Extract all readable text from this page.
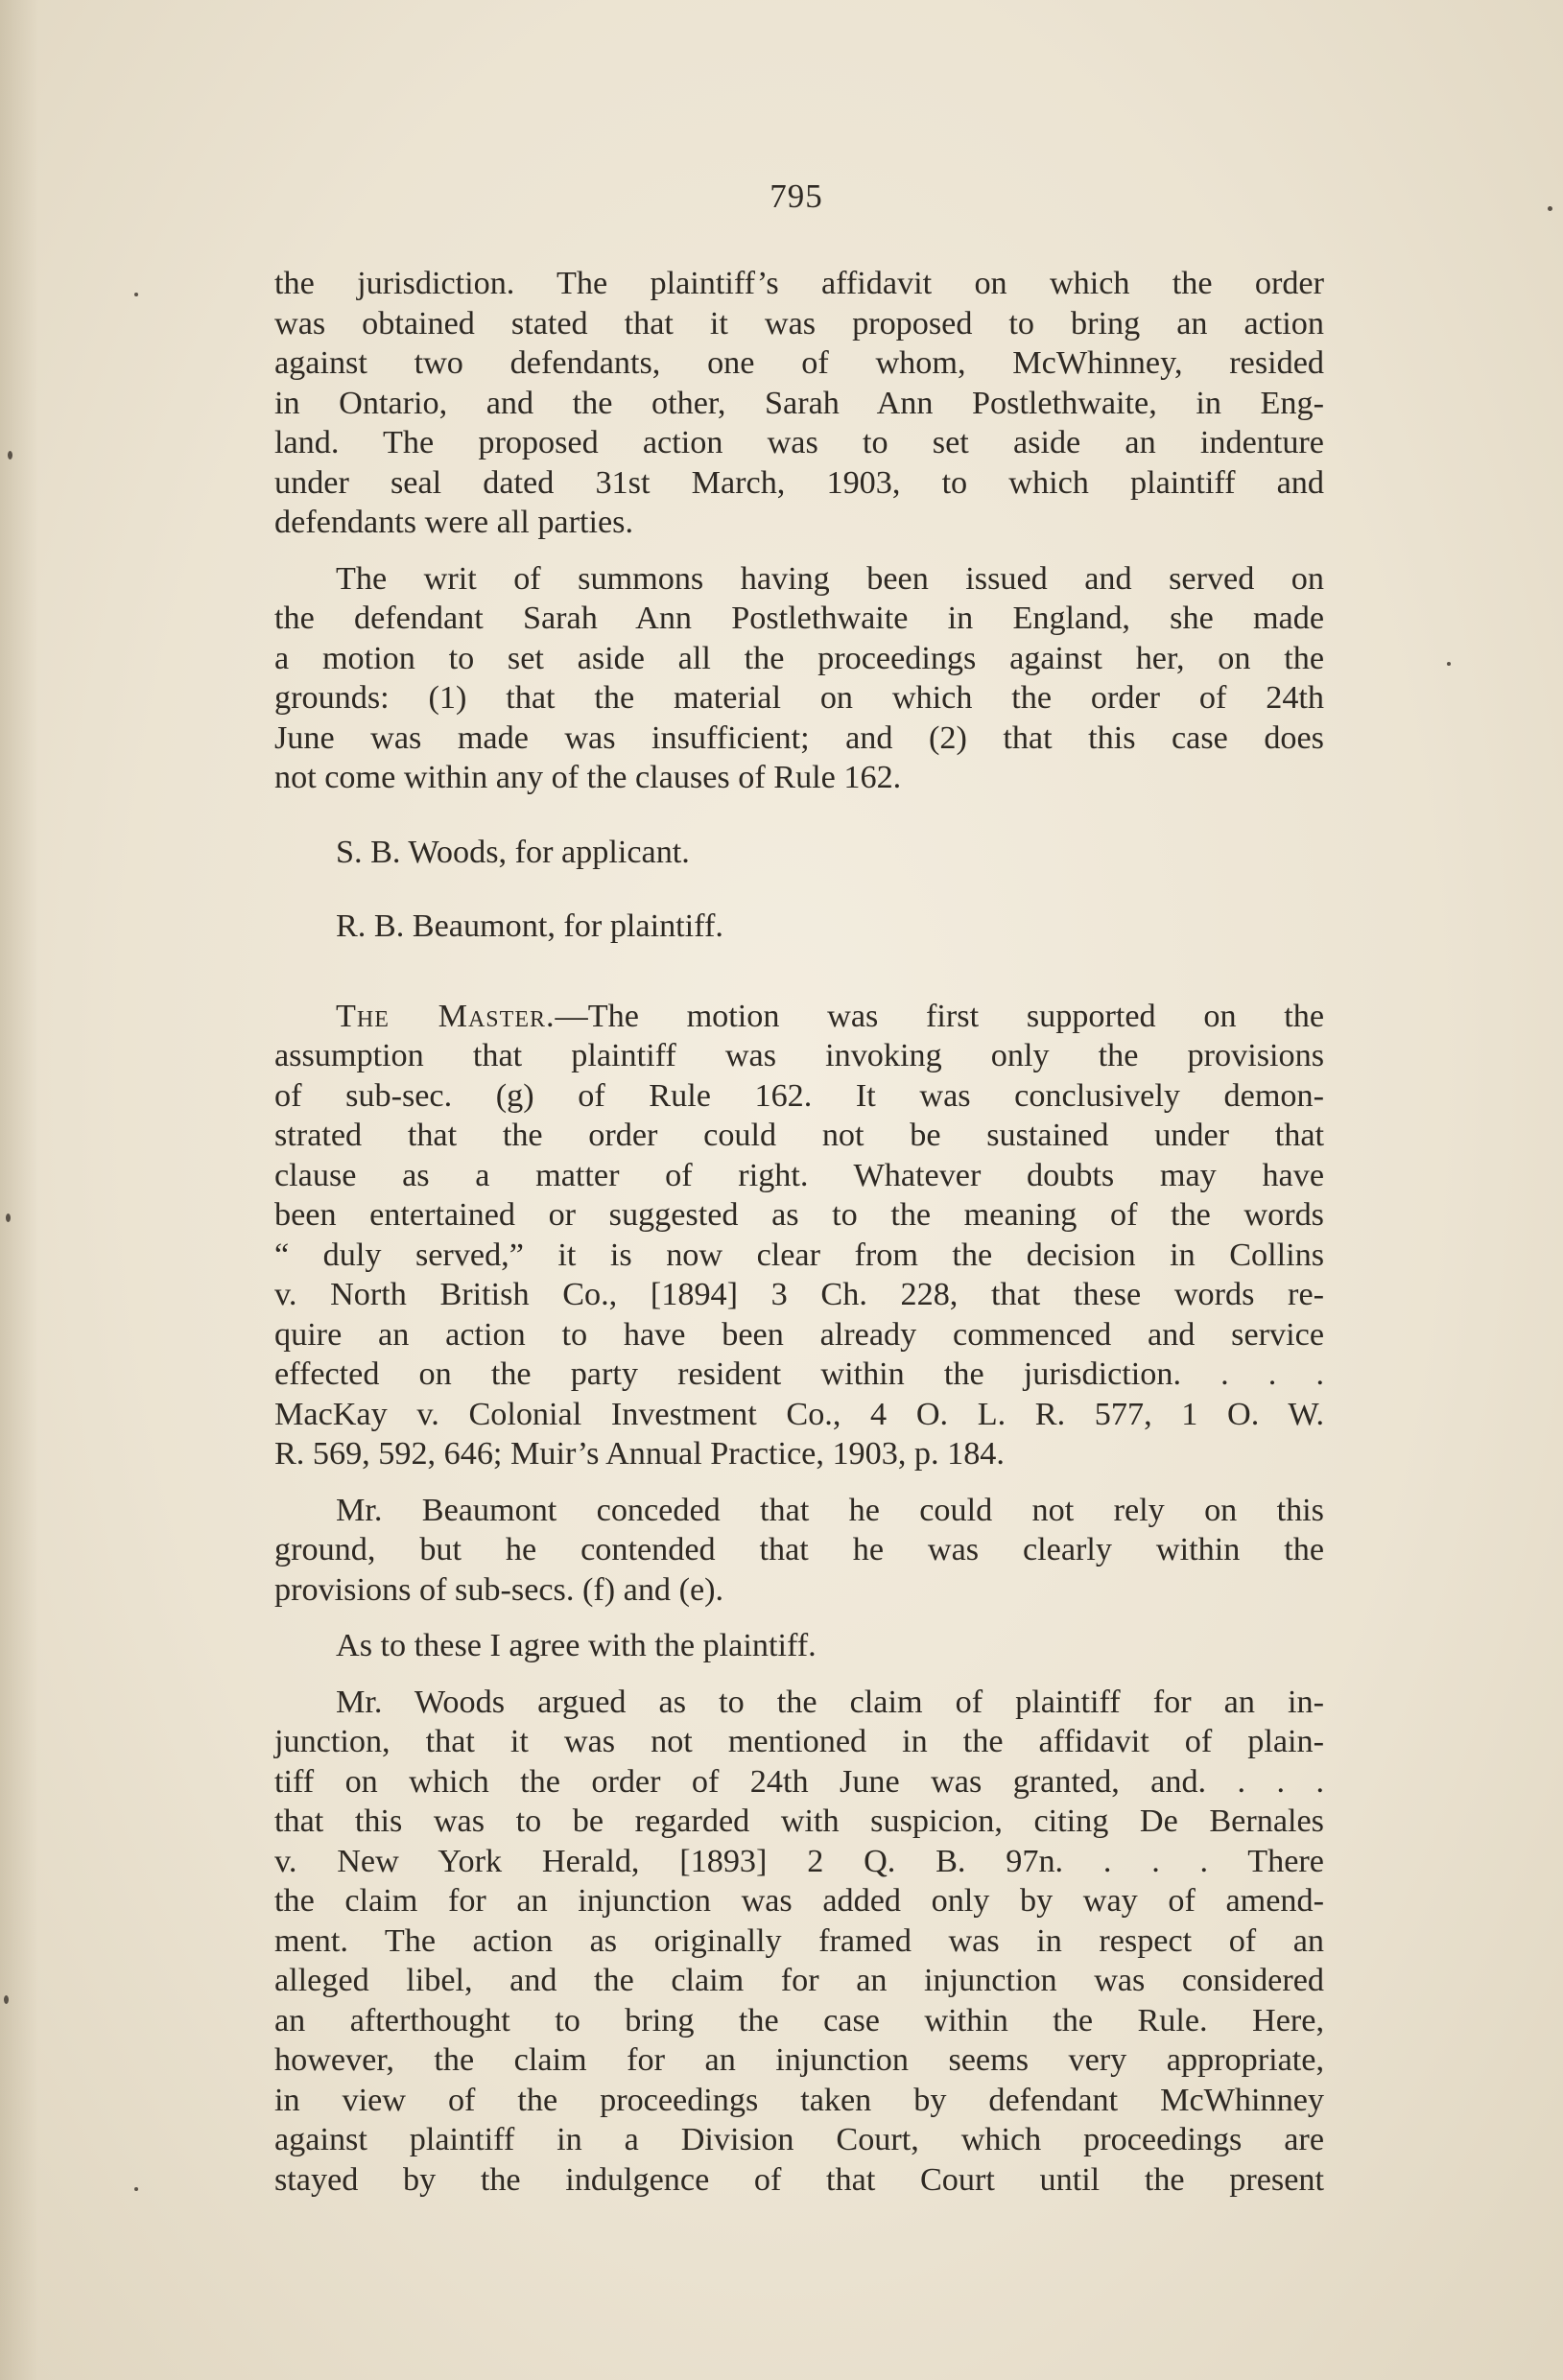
795
the jurisdiction. The plaintiff’s affidavit on which the order
was obtained stated that it was proposed to bring an action
against two defendants, one of whom, McWhinney, resided
in Ontario, and the other, Sarah Ann Postlethwaite, in Eng-
land. The proposed action was to set aside an indenture
under seal dated 31st March, 1903, to which plaintiff and
defendants were all parties.
The writ of summons having been issued and served on
the defendant Sarah Ann Postlethwaite in England, she made
a motion to set aside all the proceedings against her, on the
grounds: (1) that the material on which the order of 24th
June was made was insufficient; and (2) that this case does
not come within any of the clauses of Rule 162.
S. B. Woods, for applicant.
R. B. Beaumont, for plaintiff.
The Master.—The motion was first supported on the
assumption that plaintiff was invoking only the provisions
of sub-sec. (g) of Rule 162. It was conclusively demon-
strated that the order could not be sustained under that
clause as a matter of right. Whatever doubts may have
been entertained or suggested as to the meaning of the words
“ duly served,” it is now clear from the decision in Collins
v. North British Co., [1894] 3 Ch. 228, that these words re-
quire an action to have been already commenced and service
effected on the party resident within the jurisdiction. . . .
MacKay v. Colonial Investment Co., 4 O. L. R. 577, 1 O. W.
R. 569, 592, 646; Muir’s Annual Practice, 1903, p. 184.
Mr. Beaumont conceded that he could not rely on this
ground, but he contended that he was clearly within the
provisions of sub-secs. (f) and (e).
As to these I agree with the plaintiff.
Mr. Woods argued as to the claim of plaintiff for an in-
junction, that it was not mentioned in the affidavit of plain-
tiff on which the order of 24th June was granted, and. . . .
that this was to be regarded with suspicion, citing De Bernales
v. New York Herald, [1893] 2 Q. B. 97n. . . . There
the claim for an injunction was added only by way of amend-
ment. The action as originally framed was in respect of an
alleged libel, and the claim for an injunction was considered
an afterthought to bring the case within the Rule. Here,
however, the claim for an injunction seems very appropriate,
in view of the proceedings taken by defendant McWhinney
against plaintiff in a Division Court, which proceedings are
stayed by the indulgence of that Court until the present
